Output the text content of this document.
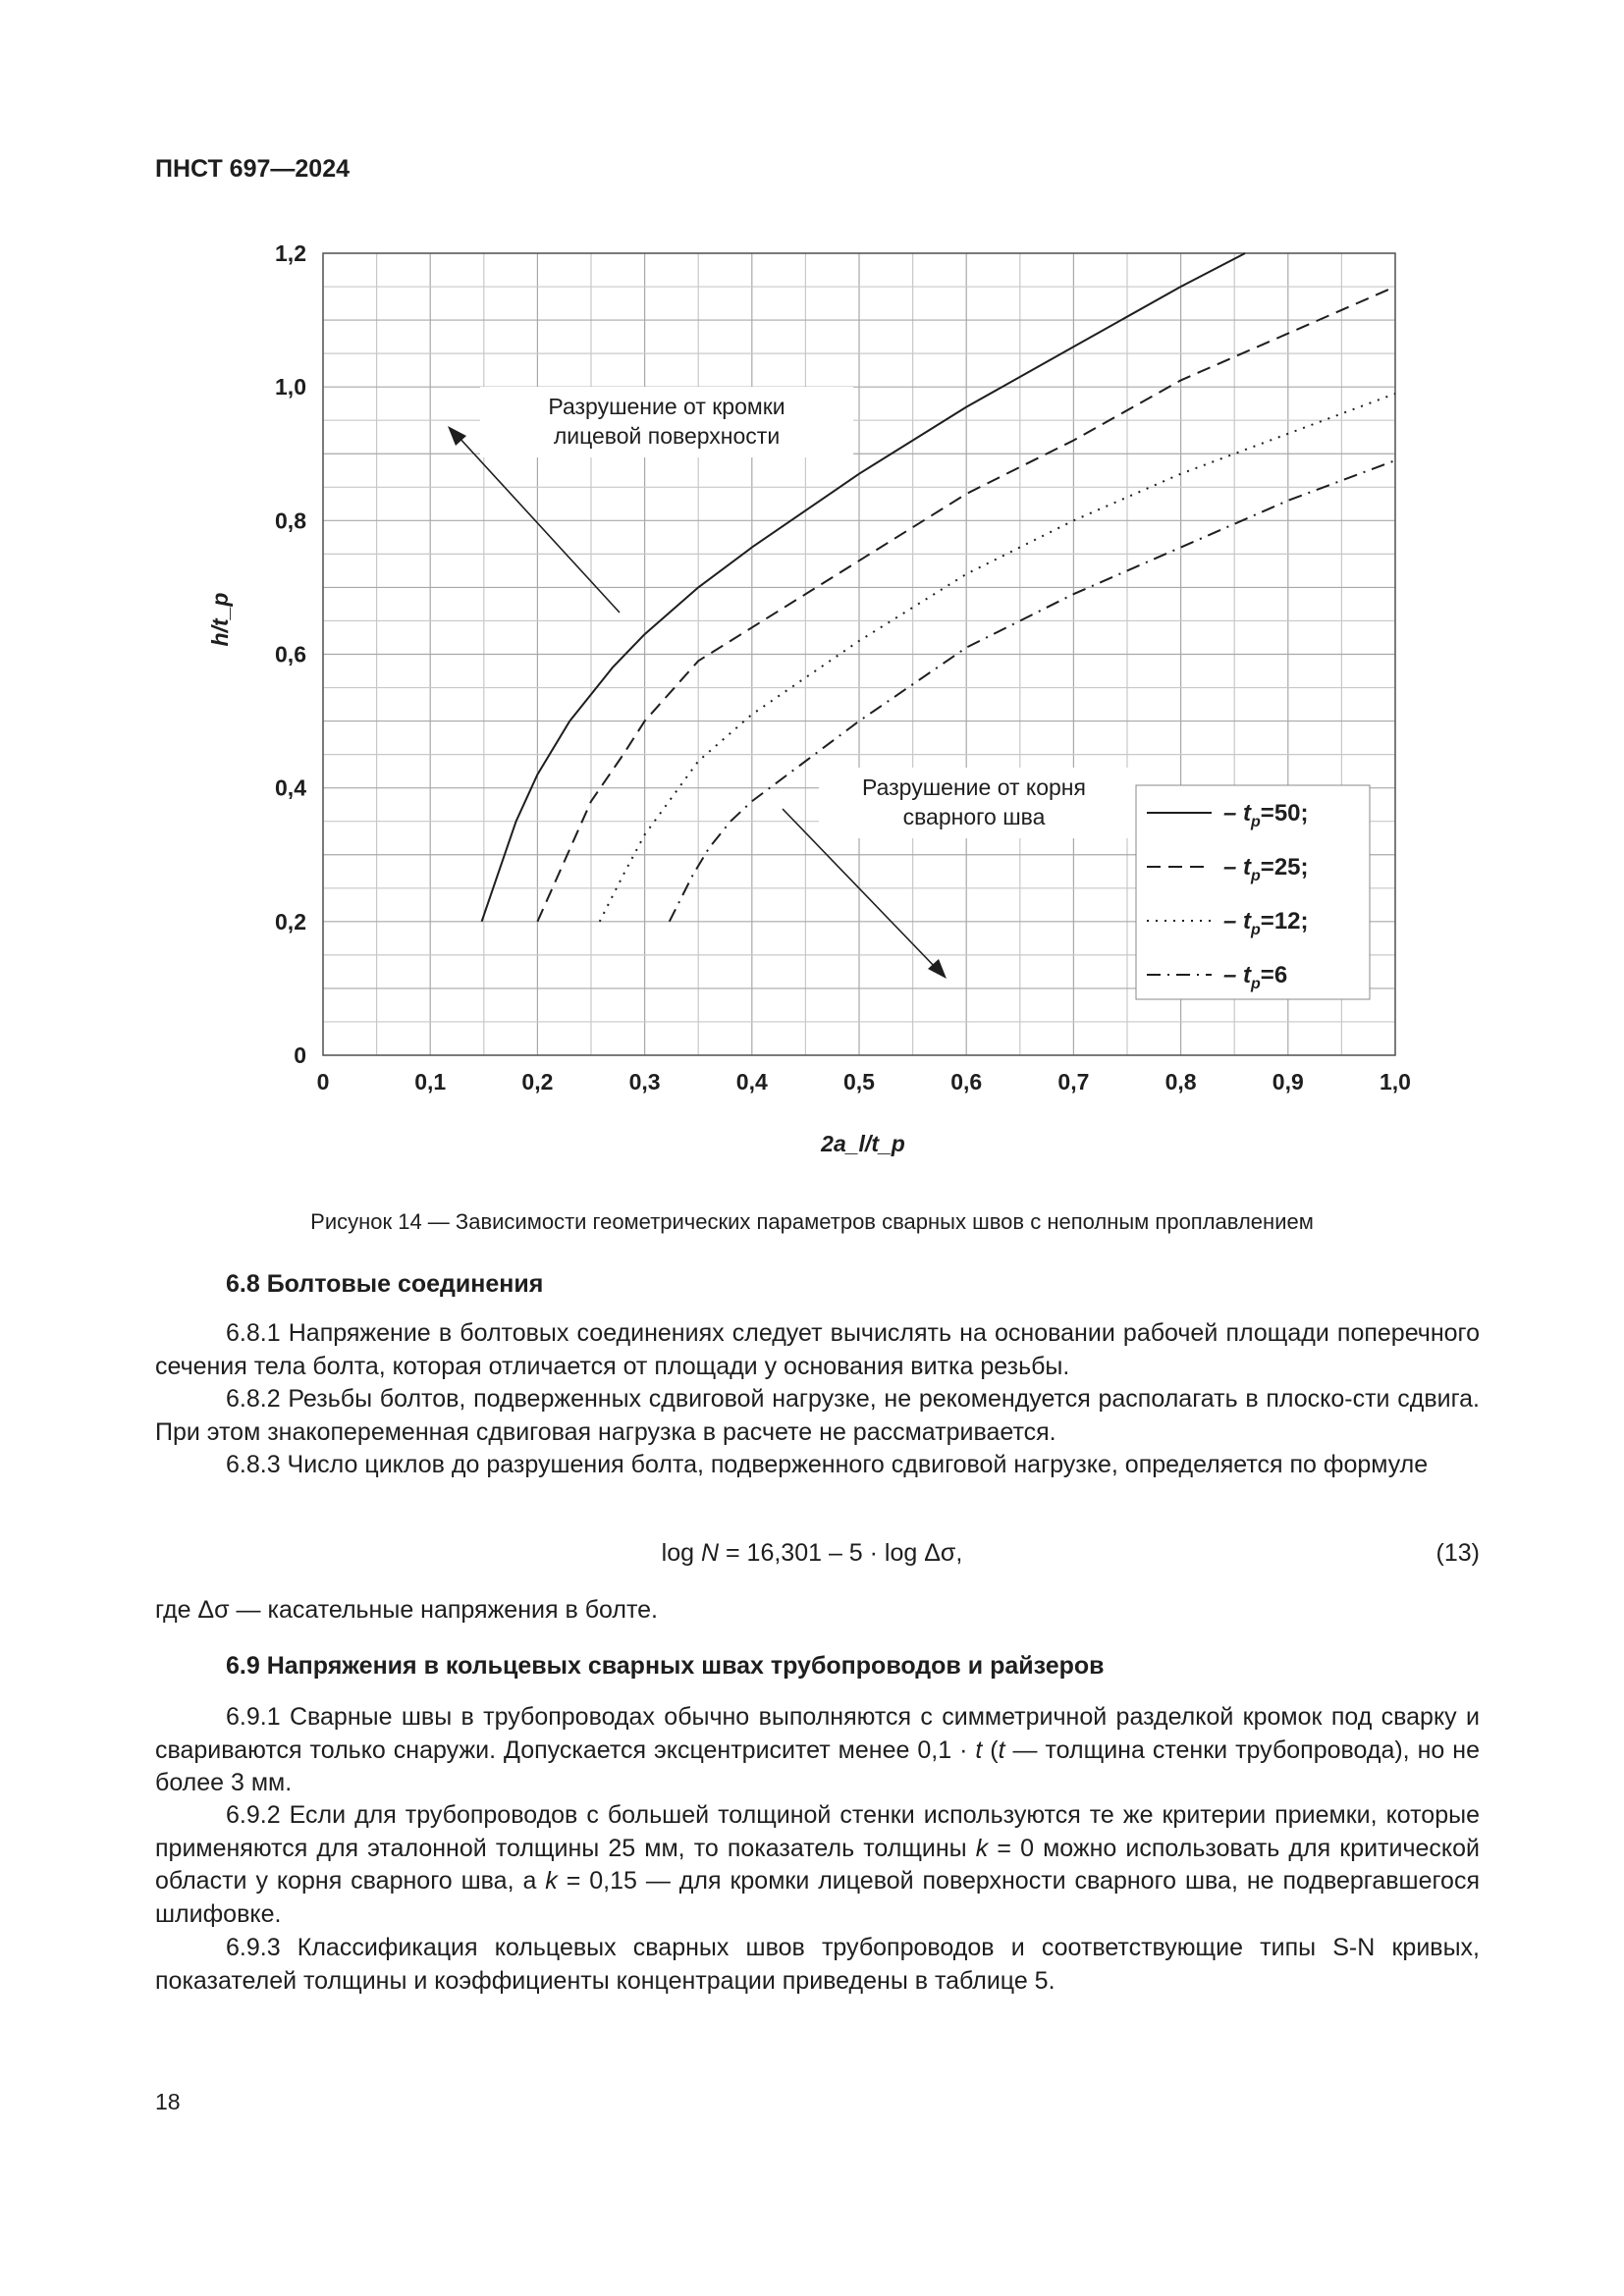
ПНСТ 697—2024
0	0,1	0,2	0,3	0,4	0,5	0,6	0,7	0,8	0,9	1,0
0
0,2
0,4
0,6
0,8
1,0
1,2
Разрушение от кромки
лицевой поверхности
Разрушение от корня
сварного шва	– $t_p=50$;
– $t_p=25$;
– $t_p=12$;
– $t_p=6$
h/t_p
2a_l/t_p
Рисунок 14 — Зависимости геометрических параметров сварных швов с неполным проплавлением
6.8 Болтовые соединения
6.8.1 Напряжение в болтовых соединениях следует вычислять на основании рабочей площади поперечного сечения тела болта, которая отличается от площади у основания витка резьбы.
6.8.2 Резьбы болтов, подверженных сдвиговой нагрузке, не рекомендуется располагать в плоско-сти сдвига. При этом знакопеременная сдвиговая нагрузка в расчете не рассматривается.
6.8.3 Число циклов до разрушения болта, подверженного сдвиговой нагрузке, определяется по формуле
log N = 16,301 – 5 · log Δσ,	(13)
где Δσ — касательные напряжения в болте.
6.9 Напряжения в кольцевых сварных швах трубопроводов и райзеров
6.9.1 Сварные швы в трубопроводах обычно выполняются с симметричной разделкой кромок под сварку и свариваются только снаружи. Допускается эксцентриситет менее 0,1 · t (t — толщина стенки трубопровода), но не более 3 мм.
6.9.2 Если для трубопроводов с большей толщиной стенки используются те же критерии приемки, которые применяются для эталонной толщины 25 мм, то показатель толщины k = 0 можно использовать для критической области у корня сварного шва, а k = 0,15 — для кромки лицевой поверхности сварного шва, не подвергавшегося шлифовке.
6.9.3 Классификация кольцевых сварных швов трубопроводов и соответствующие типы S-N кривых, показателей толщины и коэффициенты концентрации приведены в таблице 5.
18
